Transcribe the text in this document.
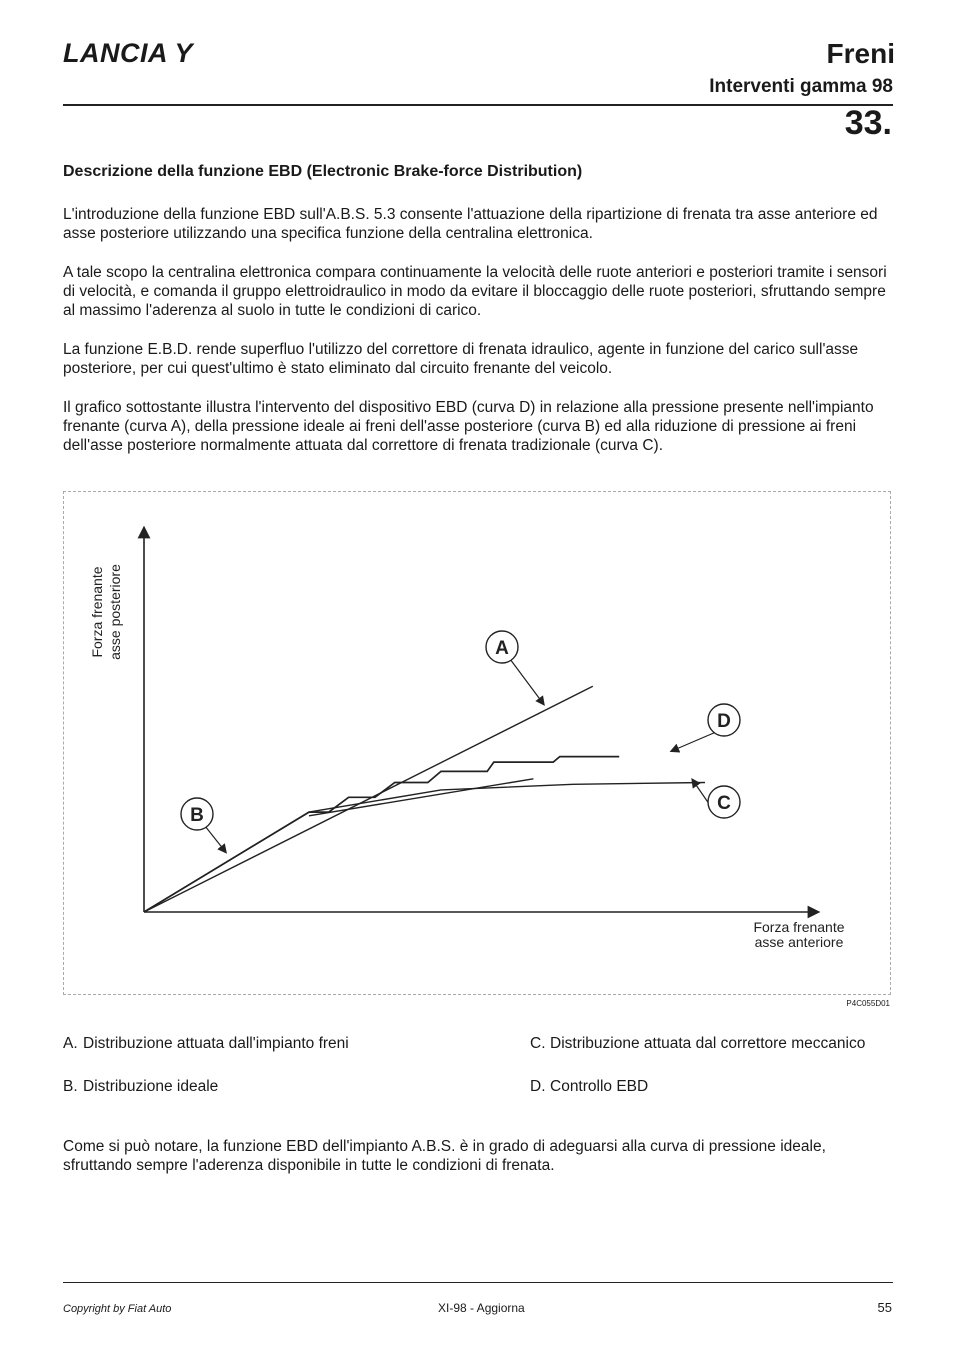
LANCIA Y	Freni
Interventi gamma 98
33.
Descrizione della funzione EBD (Electronic Brake-force Distribution)

L'introduzione della funzione EBD sull'A.B.S. 5.3 consente l'attuazione della ripartizione di frenata tra asse anteriore ed asse posteriore utilizzando una specifica funzione della centralina elettronica.

A tale scopo la centralina elettronica compara continuamente la velocità delle ruote anteriori e posteriori tramite i sensori di velocità, e comanda il gruppo elettroidraulico in modo da evitare il bloccaggio delle ruote posteriori, sfruttando sempre al massimo l'aderenza al suolo in tutte le condizioni di carico.

La funzione E.B.D. rende superfluo l'utilizzo del correttore di frenata idraulico, agente in funzione del carico sull'asse posteriore, per cui quest'ultimo è stato eliminato dal circuito frenante del veicolo.

Il grafico sottostante illustra l'intervento del dispositivo EBD (curva D) in relazione alla pressione presente nell'impianto frenante (curva A), della pressione ideale ai freni dell'asse posteriore (curva B) ed alla riduzione di pressione ai freni dell'asse posteriore normalmente attuata dal correttore di frenata tradizionale (curva C).

Forza frenante
asse anteriore
Forza frenante asse posteriore	A
B
C
D
P4C055D01
A. Distribuzione attuata dall'impianto freni
B. Distribuzione ideale
C. Distribuzione attuata dal correttore meccanico
D. Controllo EBD

Come si può notare, la funzione EBD dell'impianto A.B.S. è in grado di adeguarsi alla curva di pressione ideale, sfruttando sempre l'aderenza disponibile in tutte le condizioni di frenata.

Copyright by Fiat Auto	XI-98 - Aggiorna	55
